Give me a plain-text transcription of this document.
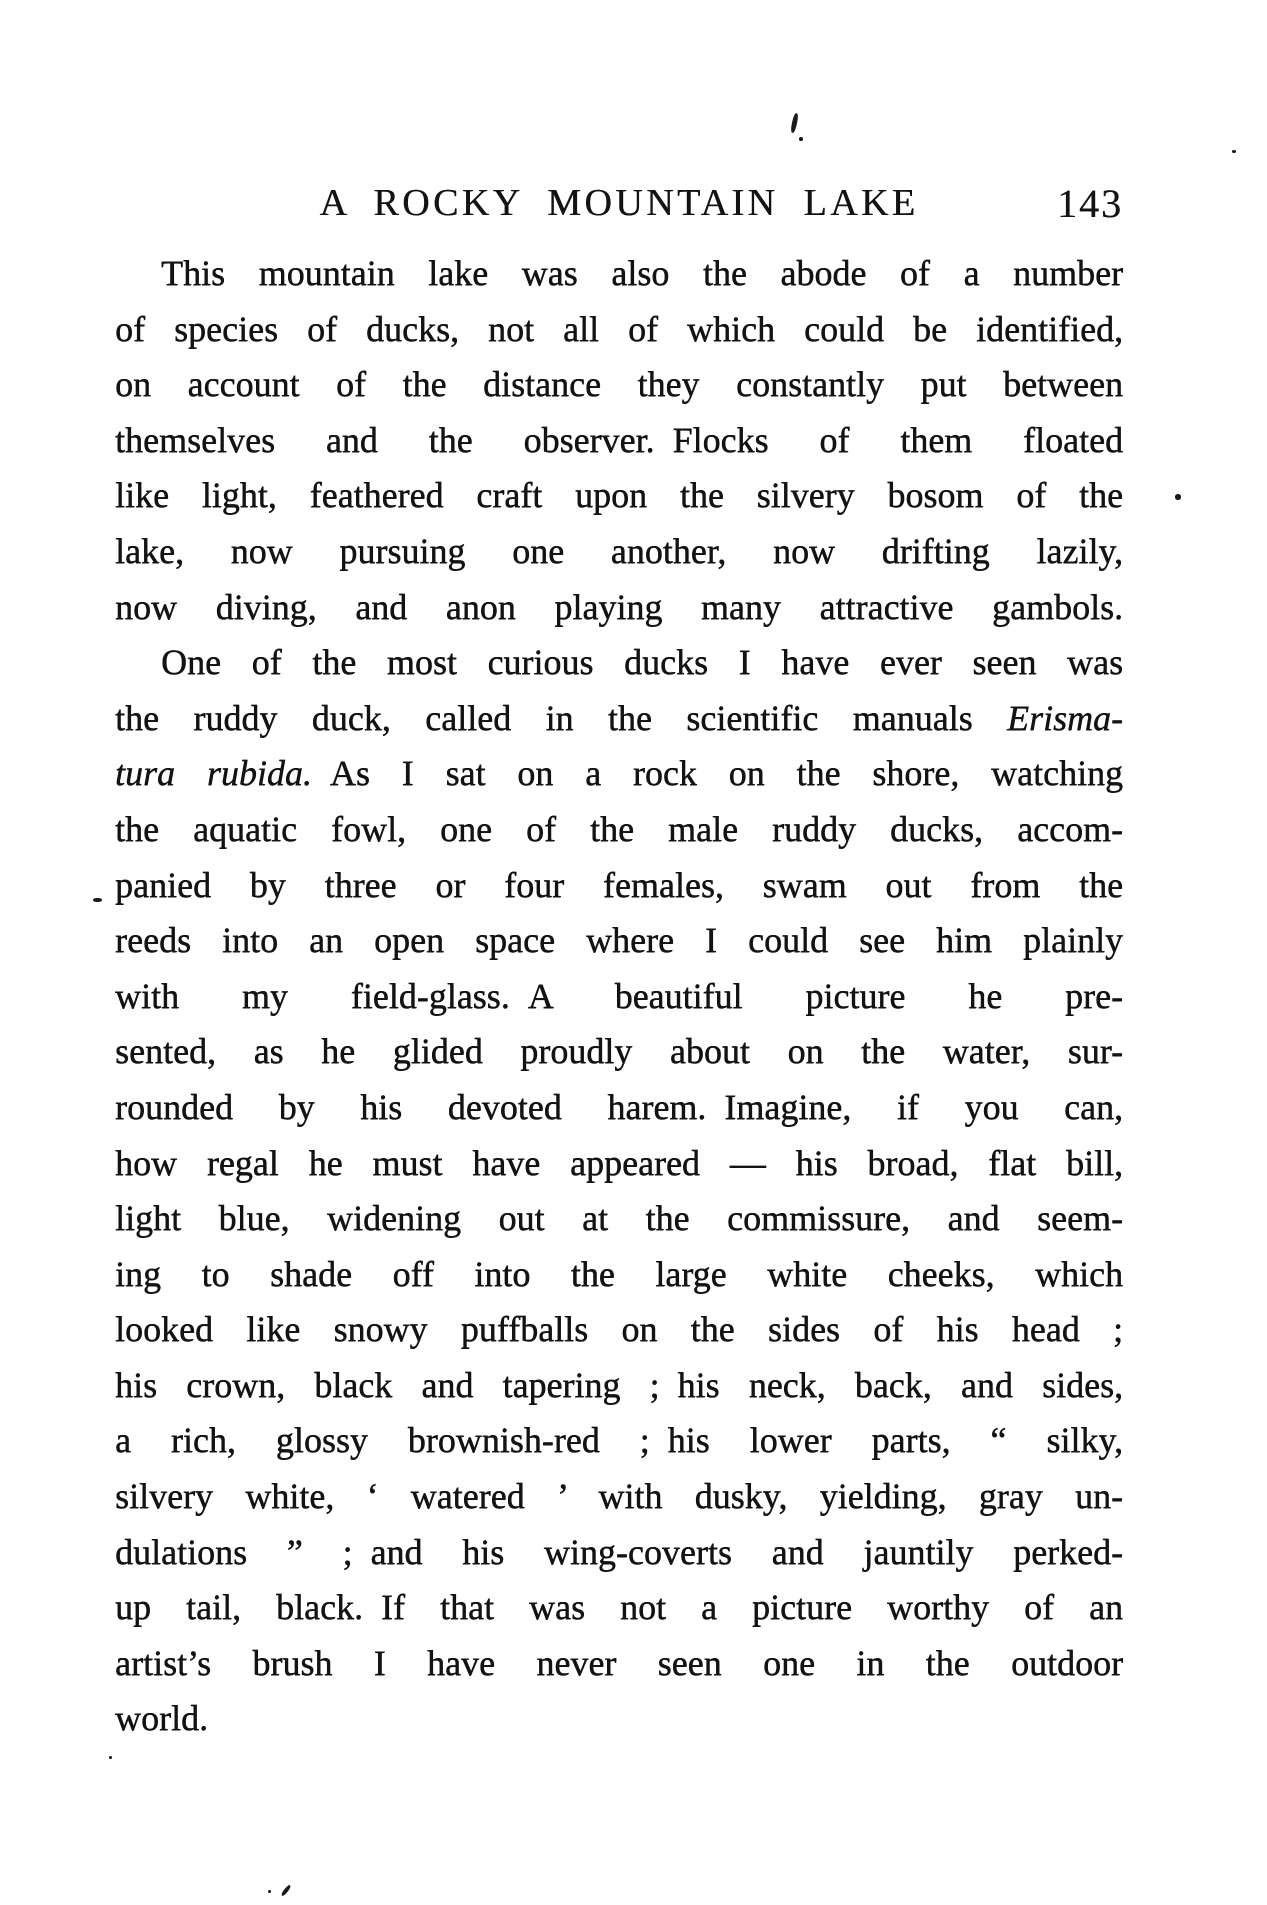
A ROCKY MOUNTAIN LAKE	143
This mountain lake was also the abode of a number
of species of ducks, not all of which could be identified,
on account of the distance they constantly put between
themselves and the observer. Flocks of them floated
like light, feathered craft upon the silvery bosom of the
lake, now pursuing one another, now drifting lazily,
now diving, and anon playing many attractive gambols.
One of the most curious ducks I have ever seen was
the ruddy duck, called in the scientific manuals Erisma-
tura rubida. As I sat on a rock on the shore, watching
the aquatic fowl, one of the male ruddy ducks, accom-
panied by three or four females, swam out from the
reeds into an open space where I could see him plainly
with my field-glass. A beautiful picture he pre-
sented, as he glided proudly about on the water, sur-
rounded by his devoted harem. Imagine, if you can,
how regal he must have appeared — his broad, flat bill,
light blue, widening out at the commissure, and seem-
ing to shade off into the large white cheeks, which
looked like snowy puffballs on the sides of his head ;
his crown, black and tapering ; his neck, back, and sides,
a rich, glossy brownish-red ; his lower parts, “ silky,
silvery white, ‘ watered ’ with dusky, yielding, gray un-
dulations ” ; and his wing-coverts and jauntily perked-
up tail, black. If that was not a picture worthy of an
artist’s brush I have never seen one in the outdoor
world.
